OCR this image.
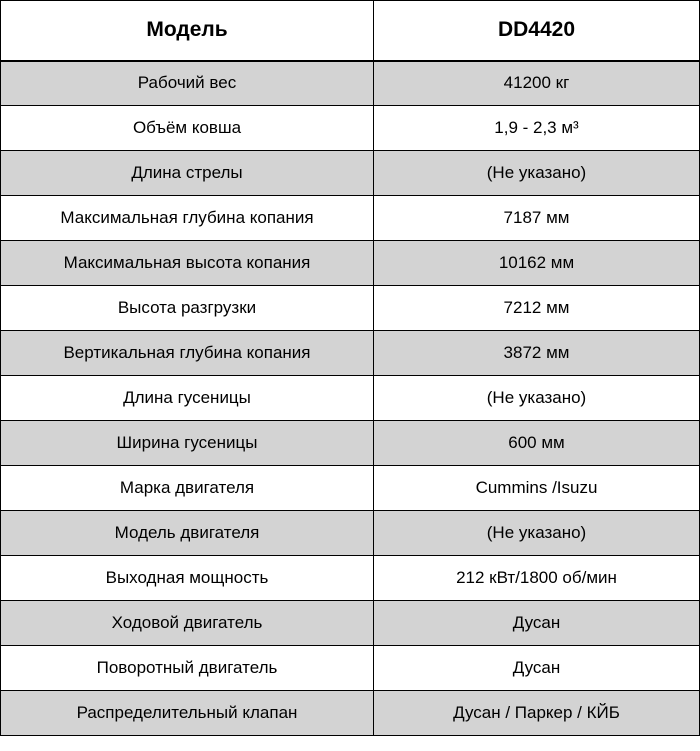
Модель	DD4420
Рабочий вес	41200 кг
Объём ковша	1,9 - 2,3 м³
Длина стрелы	(Не указано)
Максимальная глубина копания	7187 мм
Максимальная высота копания	10162 мм
Высота разгрузки	7212 мм
Вертикальная глубина копания	3872 мм
Длина гусеницы	(Не указано)
Ширина гусеницы	600 мм
Марка двигателя	Cummins /Isuzu
Модель двигателя	(Не указано)
Выходная мощность	212 кВт/1800 об/мин
Ходовой двигатель	Дусан
Поворотный двигатель	Дусан
Распределительный клапан	Дусан / Паркер / КЙБ
